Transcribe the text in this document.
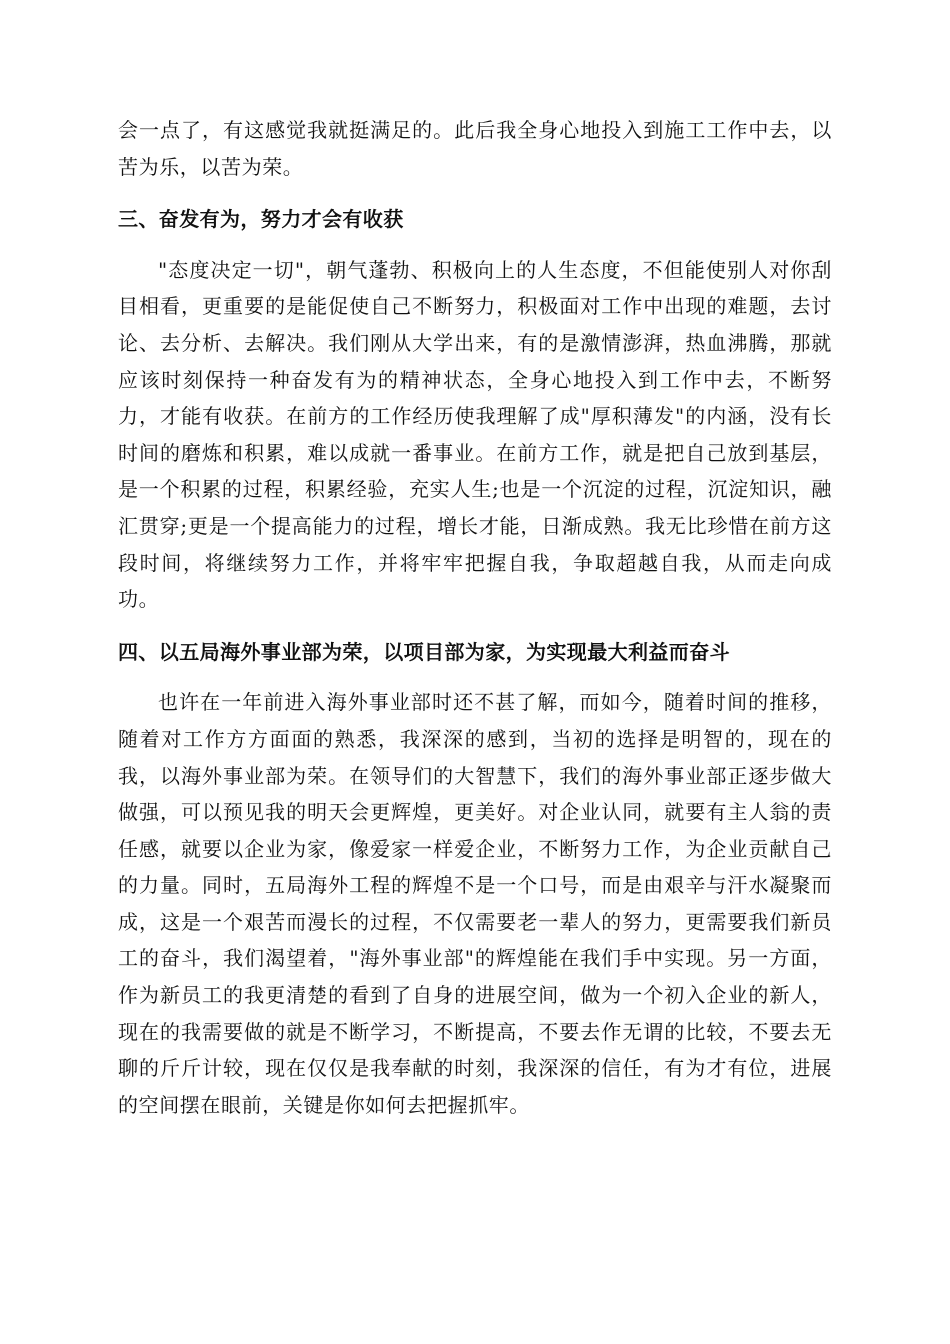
会一点了，有这感觉我就挺满足的。此后我全身心地投入到施工工作中去，以苦为乐，以苦为荣。

三、奋发有为，努力才会有收获

"态度决定一切"，朝气蓬勃、积极向上的人生态度，不但能使别人对你刮目相看，更重要的是能促使自己不断努力，积极面对工作中出现的难题，去讨论、去分析、去解决。我们刚从大学出来，有的是激情澎湃，热血沸腾，那就应该时刻保持一种奋发有为的精神状态，全身心地投入到工作中去，不断努力，才能有收获。在前方的工作经历使我理解了成"厚积薄发"的内涵，没有长时间的磨炼和积累，难以成就一番事业。在前方工作，就是把自己放到基层，是一个积累的过程，积累经验，充实人生;也是一个沉淀的过程，沉淀知识，融汇贯穿;更是一个提高能力的过程，增长才能，日渐成熟。我无比珍惜在前方这段时间，将继续努力工作，并将牢牢把握自我，争取超越自我，从而走向成功。

四、以五局海外事业部为荣，以项目部为家，为实现最大利益而奋斗

也许在一年前进入海外事业部时还不甚了解，而如今，随着时间的推移，随着对工作方方面面的熟悉，我深深的感到，当初的选择是明智的，现在的我，以海外事业部为荣。在领导们的大智慧下，我们的海外事业部正逐步做大做强，可以预见我的明天会更辉煌，更美好。对企业认同，就要有主人翁的责任感，就要以企业为家，像爱家一样爱企业，不断努力工作，为企业贡献自己的力量。同时，五局海外工程的辉煌不是一个口号，而是由艰辛与汗水凝聚而成，这是一个艰苦而漫长的过程，不仅需要老一辈人的努力，更需要我们新员工的奋斗，我们渴望着，"海外事业部"的辉煌能在我们手中实现。另一方面，作为新员工的我更清楚的看到了自身的进展空间，做为一个初入企业的新人，现在的我需要做的就是不断学习，不断提高，不要去作无谓的比较，不要去无聊的斤斤计较，现在仅仅是我奉献的时刻，我深深的信任，有为才有位，进展的空间摆在眼前，关键是你如何去把握抓牢。
